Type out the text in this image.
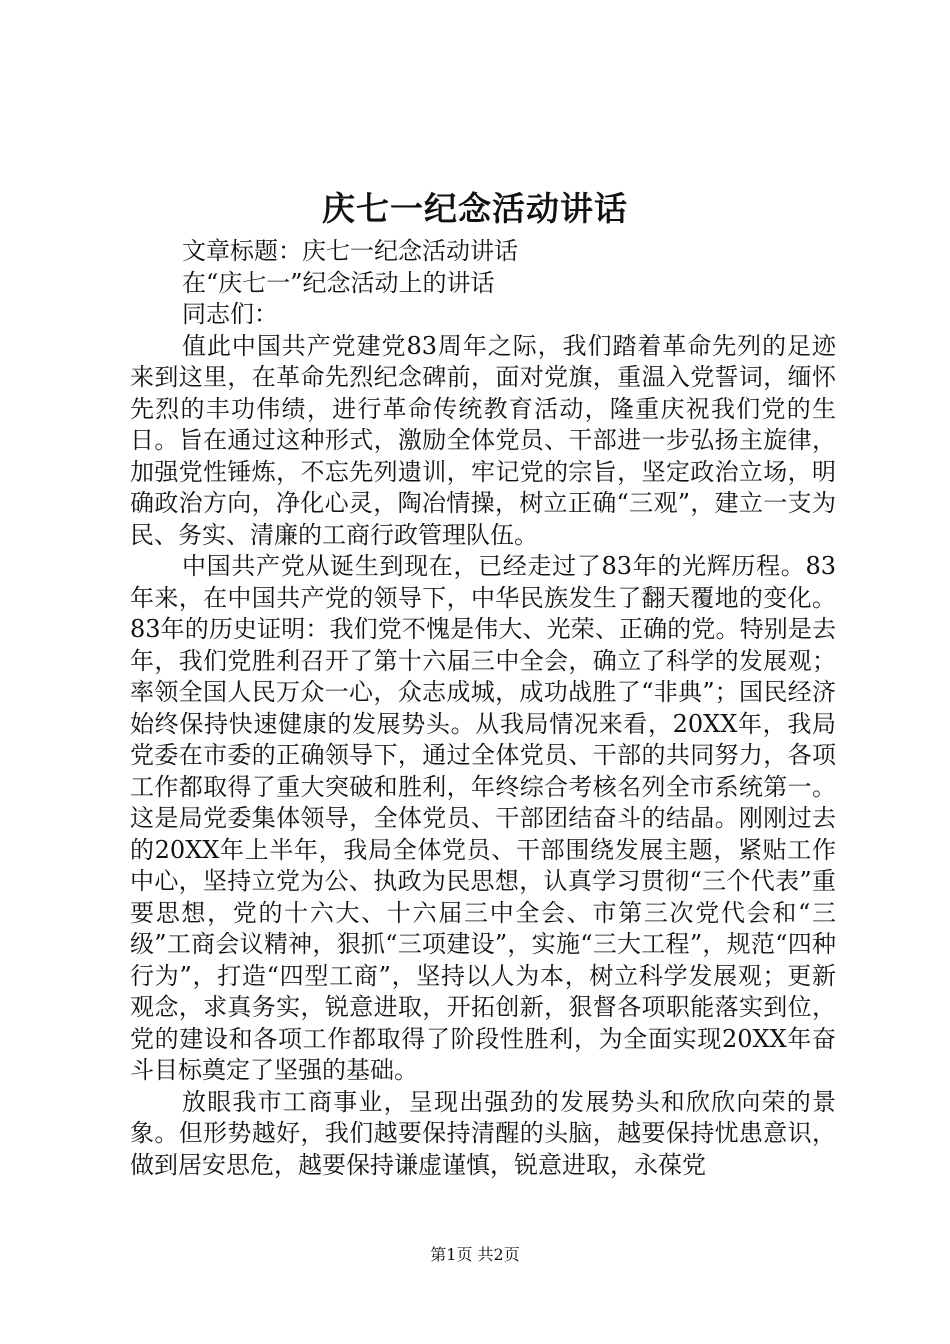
庆七一纪念活动讲话

文章标题：庆七一纪念活动讲话

在“庆七一”纪念活动上的讲话

同志们：

值此中国共产党建党83周年之际，我们踏着革命先列的足迹来到这里，在革命先烈纪念碑前，面对党旗，重温入党誓词，缅怀先烈的丰功伟绩，进行革命传统教育活动，隆重庆祝我们党的生日。旨在通过这种形式，激励全体党员、干部进一步弘扬主旋律，加强党性锤炼，不忘先列遗训，牢记党的宗旨，坚定政治立场，明确政治方向，净化心灵，陶冶情操，树立正确“三观”，建立一支为民、务实、清廉的工商行政管理队伍。

中国共产党从诞生到现在，已经走过了83年的光辉历程。83年来，在中国共产党的领导下，中华民族发生了翻天覆地的变化。83年的历史证明：我们党不愧是伟大、光荣、正确的党。特别是去年，我们党胜利召开了第十六届三中全会，确立了科学的发展观；率领全国人民万众一心，众志成城，成功战胜了“非典”；国民经济始终保持快速健康的发展势头。从我局情况来看，20XX年，我局党委在市委的正确领导下，通过全体党员、干部的共同努力，各项工作都取得了重大突破和胜利，年终综合考核名列全市系统第一。这是局党委集体领导，全体党员、干部团结奋斗的结晶。刚刚过去的20XX年上半年，我局全体党员、干部围绕发展主题，紧贴工作中心，坚持立党为公、执政为民思想，认真学习贯彻“三个代表”重要思想，党的十六大、十六届三中全会、市第三次党代会和“三级”工商会议精神，狠抓“三项建设”，实施“三大工程”，规范“四种行为”，打造“四型工商”，坚持以人为本，树立科学发展观；更新观念，求真务实，锐意进取，开拓创新，狠督各项职能落实到位，党的建设和各项工作都取得了阶段性胜利，为全面实现20XX年奋斗目标奠定了坚强的基础。

放眼我市工商事业，呈现出强劲的发展势头和欣欣向荣的景象。但形势越好，我们越要保持清醒的头脑，越要保持忧患意识，做到居安思危，越要保持谦虚谨慎，锐意进取，永葆党

第1页 共2页
